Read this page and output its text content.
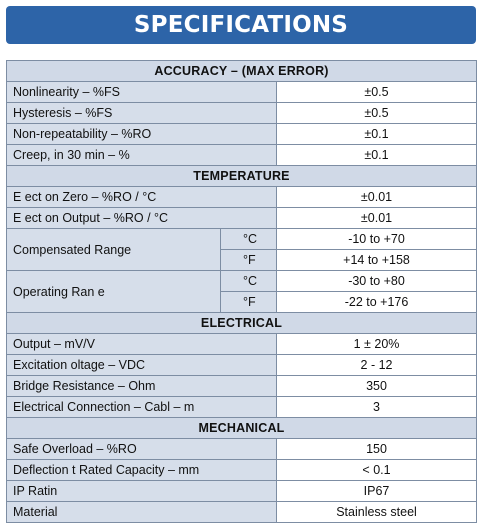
SPECIFICATIONS
ACCURACY – (MAX ERROR)		
Nonlinearity – %FS		±0.5
Hysteresis – %FS		±0.5
Non-repeatability – %RO		±0.1
Creep, in 30 min – %		±0.1
TEMPERATURE		
E ect on Zero – %RO / °C		±0.01
E ect on Output – %RO / °C		±0.01
Compensated Range	°C	-10 to +70
	°F	+14 to +158
Operating Ran e	°C	-30 to +80
	°F	-22 to +176
ELECTRICAL		
Output – mV/V		1 ± 20%
Excitation oltage – VDC		2 - 12
Bridge Resistance – Ohm		350
Electrical Connection – Cabl – m		3
MECHANICAL		
Safe Overload – %RO		150
Deflection t Rated Capacity – mm		< 0.1
IP Ratin		IP67
Material		Stainless steel
